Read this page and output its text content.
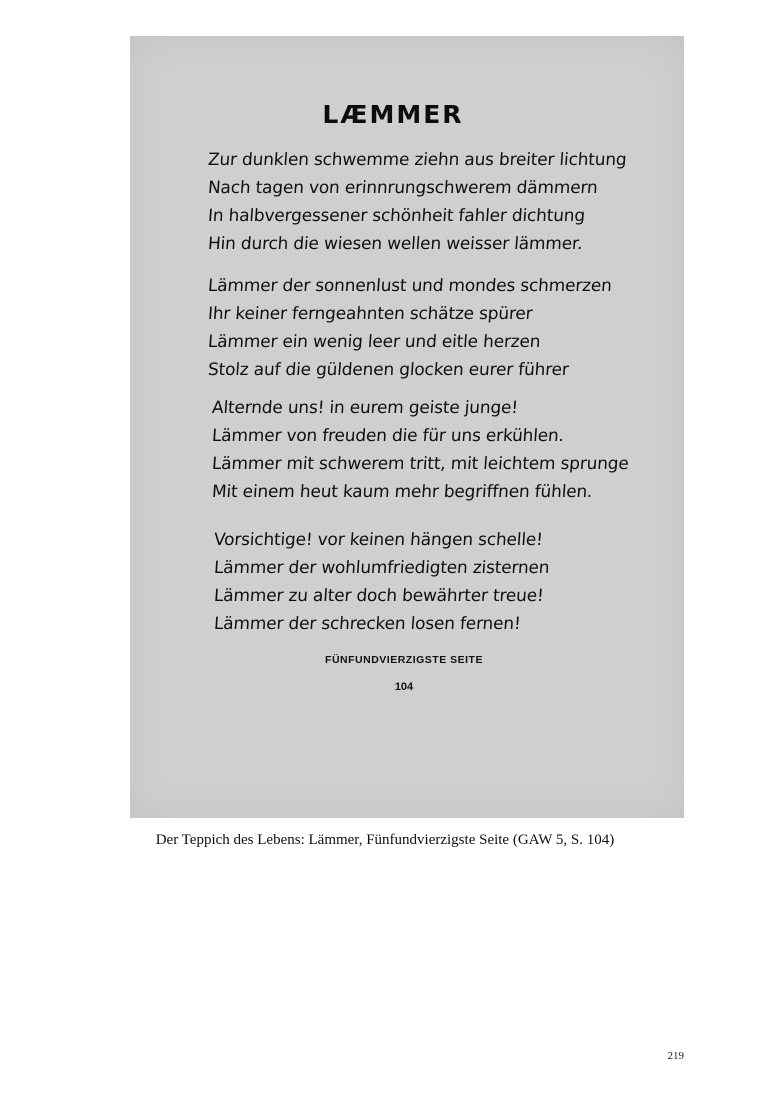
LÆMMER
Zur dunklen schwemme ziehn aus breiter lichtung
Nach tagen von erinnrungschwerem dämmern
In halbvergessener schönheit fahler dichtung
Hin durch die wiesen wellen weisser lämmer.
Lämmer der sonnenlust und mondes schmerzen
Ihr keiner ferngeahnten schätze spürer
Lämmer ein wenig leer und eitle herzen
Stolz auf die güldenen glocken eurer führer
Alternde uns! in eurem geiste junge!
Lämmer von freuden die für uns erkühlen.
Lämmer mit schwerem tritt, mit leichtem sprunge
Mit einem heut kaum mehr begriffnen fühlen.
Vorsichtige! vor keinen hängen schelle!
Lämmer der wohlumfriedigten zisternen
Lämmer zu alter doch bewährter treue!
Lämmer der schrecken losen fernen!
FÜNFUNDVIERZIGSTE SEITE
104
Der Teppich des Lebens: Lämmer, Fünfundvierzigste Seite (GAW 5, S. 104)
219
